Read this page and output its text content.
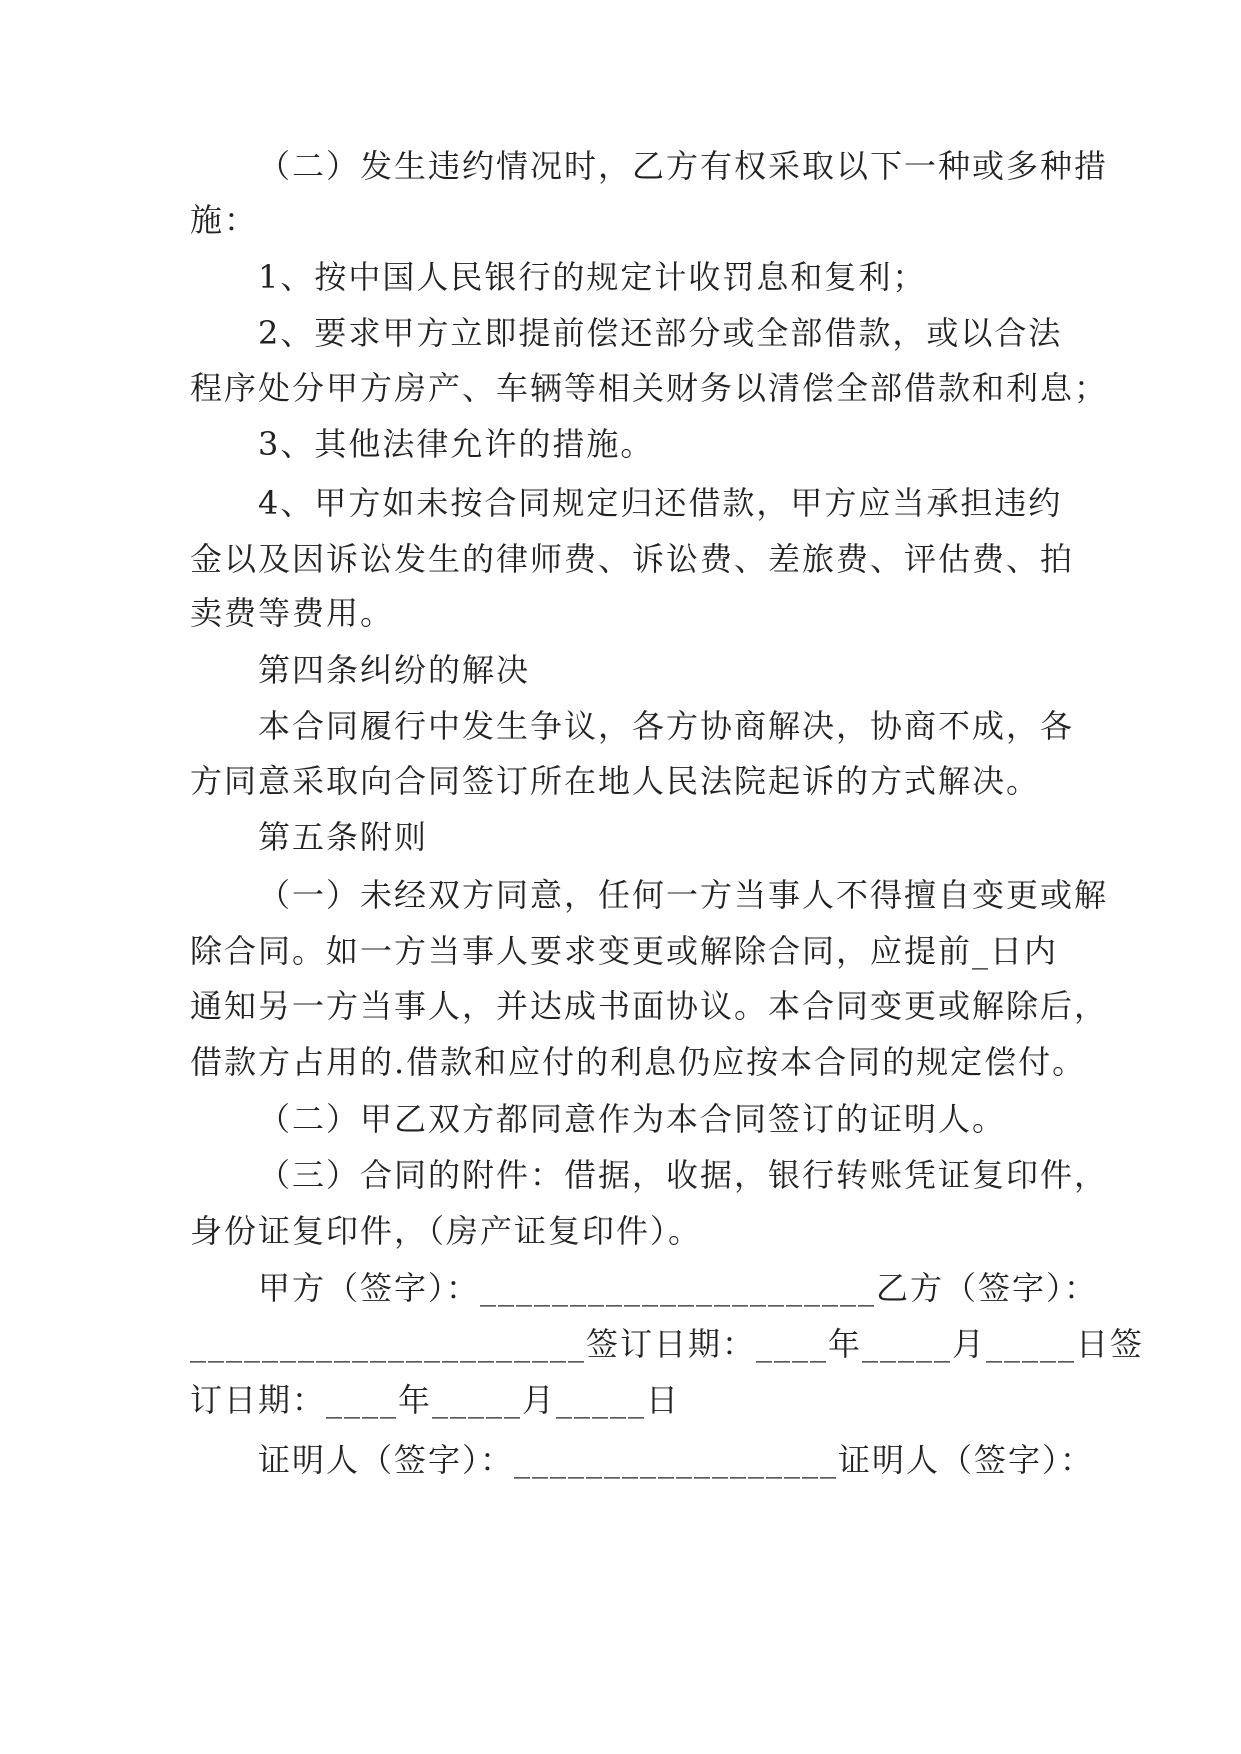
（二）发生违约情况时，乙方有权采取以下一种或多种措
施：
1、按中国人民银行的规定计收罚息和复利；
2、要求甲方立即提前偿还部分或全部借款，或以合法
程序处分甲方房产、车辆等相关财务以清偿全部借款和利息；
3、其他法律允许的措施。
4、甲方如未按合同规定归还借款，甲方应当承担违约
金以及因诉讼发生的律师费、诉讼费、差旅费、评估费、拍
卖费等费用。
第四条纠纷的解决
本合同履行中发生争议，各方协商解决，协商不成，各
方同意采取向合同签订所在地人民法院起诉的方式解决。
第五条附则
（一）未经双方同意，任何一方当事人不得擅自变更或解
除合同。如一方当事人要求变更或解除合同，应提前_日内
通知另一方当事人，并达成书面协议。本合同变更或解除后，
借款方占用的.借款和应付的利息仍应按本合同的规定偿付。
（二）甲乙双方都同意作为本合同签订的证明人。
（三）合同的附件：借据，收据，银行转账凭证复印件，
身份证复印件，（房产证复印件）。
甲方（签字）：______________________乙方（签字）：
______________________签订日期：____年_____月_____日签
订日期：____年_____月_____日
证明人（签字）：__________________证明人（签字）：
